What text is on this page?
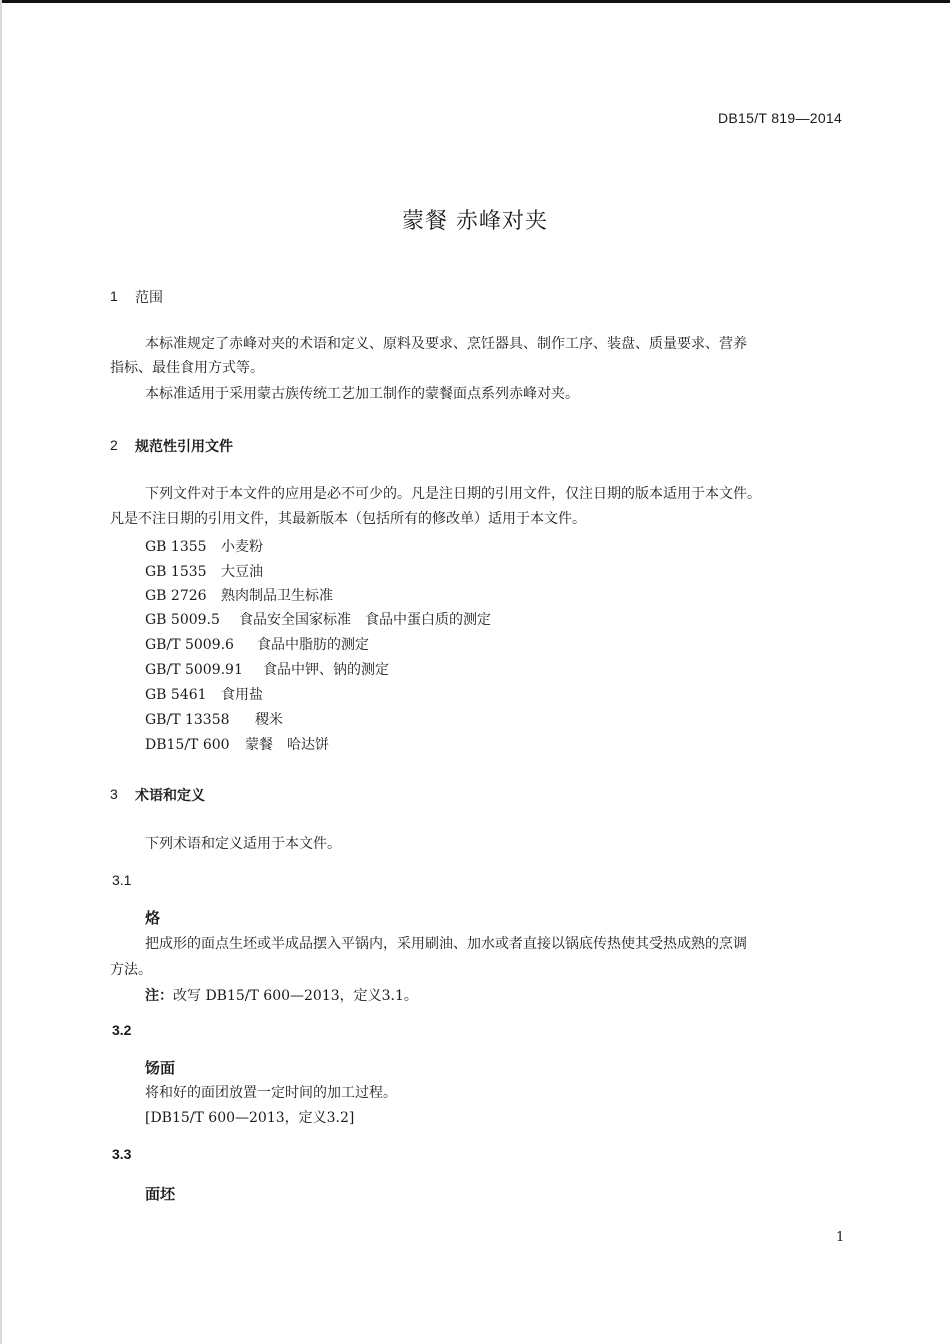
DB15/T 819—2014
蒙餐 赤峰对夹
1 范围
本标准规定了赤峰对夹的术语和定义、原料及要求、烹饪器具、制作工序、装盘、质量要求、营养
指标、最佳食用方式等。
本标准适用于采用蒙古族传统工艺加工制作的蒙餐面点系列赤峰对夹。
2 规范性引用文件
下列文件对于本文件的应用是必不可少的。凡是注日期的引用文件，仅注日期的版本适用于本文件。
凡是不注日期的引用文件，其最新版本（包括所有的修改单）适用于本文件。
GB 1355 小麦粉
GB 1535 大豆油
GB 2726 熟肉制品卫生标准
GB 5009.5 食品安全国家标准　食品中蛋白质的测定
GB/T 5009.6 食品中脂肪的测定
GB/T 5009.91 食品中钾、钠的测定
GB 5461 食用盐
GB/T 13358 稷米
DB15/T 600 蒙餐　哈达饼
3 术语和定义
下列术语和定义适用于本文件。
3.1
烙
把成形的面点生坯或半成品摆入平锅内，采用刷油、加水或者直接以锅底传热使其受热成熟的烹调
方法。
注：改写 DB15/T 600—2013，定义3.1。
3.2
饧面
将和好的面团放置一定时间的加工过程。
[DB15/T 600—2013，定义3.2]
3.3
面坯
1
